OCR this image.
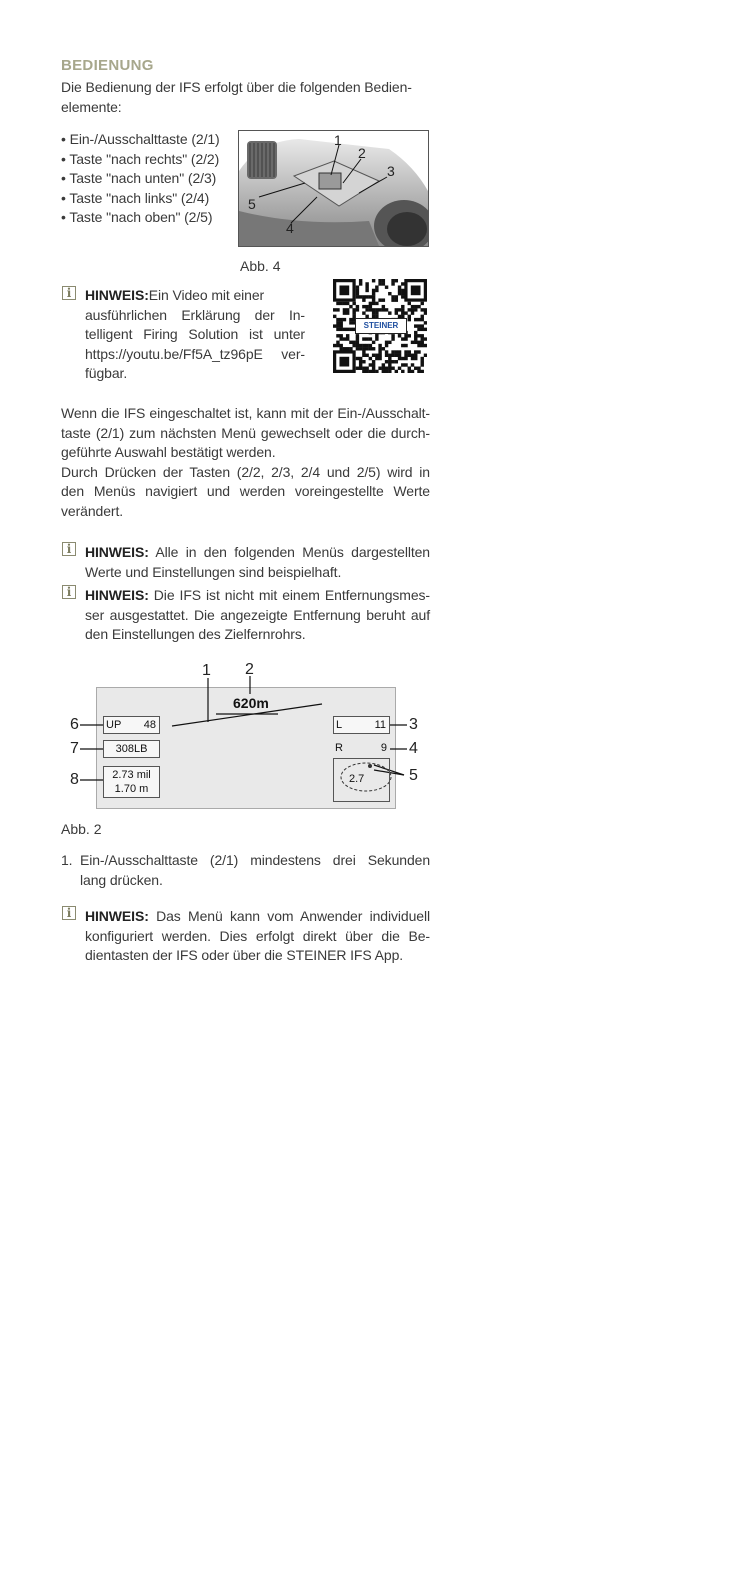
BEDIENUNG
Die Bedienung der IFS erfolgt über die folgenden Bedien-
elemente:
• Ein-/Ausschalttaste (2/1)
• Taste "nach rechts" (2/2)
• Taste "nach unten" (2/3)
• Taste "nach links" (2/4)
• Taste "nach oben" (2/5)
1
2
3
4
5
Abb. 4
i HINWEIS: Ein Video mit einer
ausführlichen Erklärung der In-
telligent Firing Solution ist unter
https://youtu.be/Ff5A_tz96pE ver-
fügbar.
STEINER
Wenn die IFS eingeschaltet ist, kann mit der Ein-/Ausschalt-
taste (2/1) zum nächsten Menü gewechselt oder die durch-
geführte Auswahl bestätigt werden.
Durch Drücken der Tasten (2/2, 2/3, 2/4 und 2/5) wird in
den Menüs navigiert und werden voreingestellte Werte
verändert.
i HINWEIS: Alle in den folgenden Menüs dargestellten
Werte und Einstellungen sind beispielhaft.
i HINWEIS: Die IFS ist nicht mit einem Entfernungsmes-
ser ausgestattet. Die angezeigte Entfernung beruht auf
den Einstellungen des Zielfernrohrs.
620m
UP 48
308LB
2.73 mil
1.70 m
L	11
R	9
2.7
1 2
3
4
5
6
7
8
Abb. 2
1. Ein-/Ausschalttaste (2/1) mindestens drei Sekunden
lang drücken.
i HINWEIS: Das Menü kann vom Anwender individuell
konfiguriert werden. Dies erfolgt direkt über die Be-
dientasten der IFS oder über die STEINER IFS App.
